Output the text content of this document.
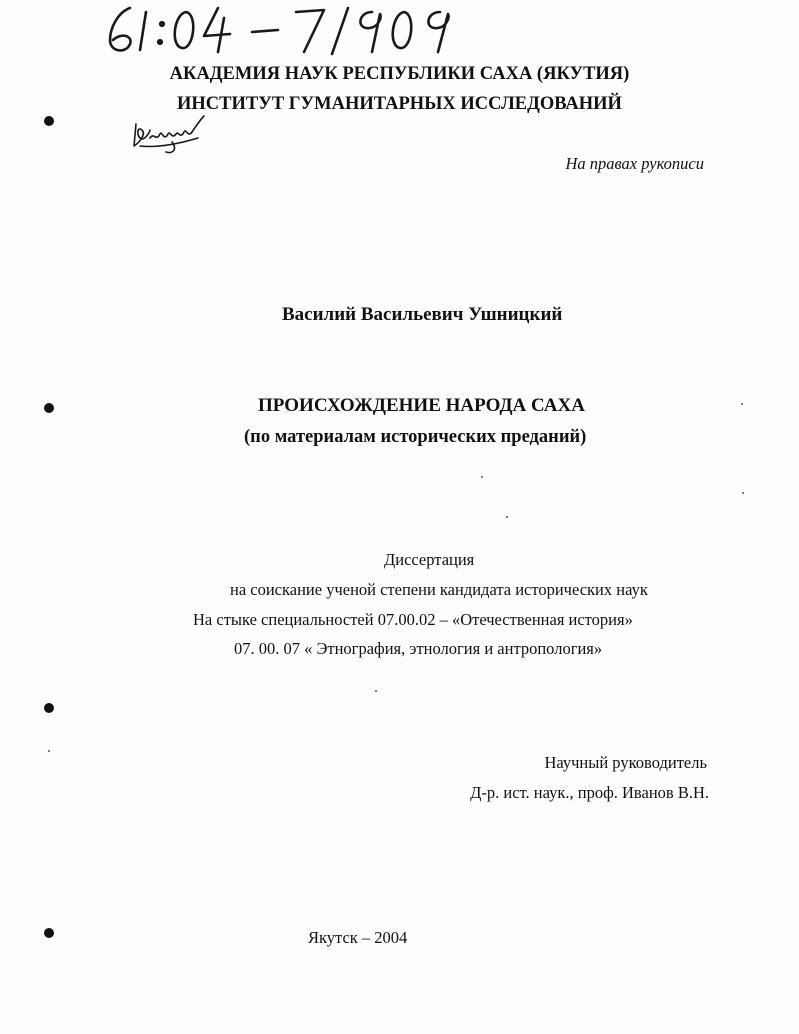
АКАДЕМИЯ НАУК РЕСПУБЛИКИ САХА (ЯКУТИЯ)
ИНСТИТУТ ГУМАНИТАРНЫХ ИССЛЕДОВАНИЙ
На правах рукописи
Василий Васильевич Ушницкий
ПРОИСХОЖДЕНИЕ НАРОДА САХА
(по материалам исторических преданий)
Диссертация
на соискание ученой степени кандидата исторических наук
На стыке специальностей 07.00.02 – «Отечественная история»
07. 00. 07 « Этнография, этнология и антропология»
Научный руководитель
Д-р. ист. наук., проф. Иванов В.Н.
Якутск – 2004
